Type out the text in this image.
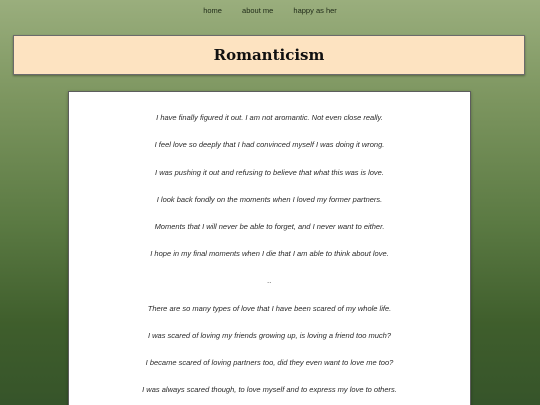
home	about me	happy as her
Romanticism
I have finally figured it out. I am not aromantic. Not even close really.
I feel love so deeply that I had convinced myself I was doing it wrong.
I was pushing it out and refusing to believe that what this was is love.
I look back fondly on the moments when I loved my former partners.
Moments that I will never be able to forget, and I never want to either.
I hope in my final moments when I die that I am able to think about love.
..
There are so many types of love that I have been scared of my whole life.
I was scared of loving my friends growing up, is loving a friend too much?
I became scared of loving partners too, did they even want to love me too?
I was always scared though, to love myself and to express my love to others.
